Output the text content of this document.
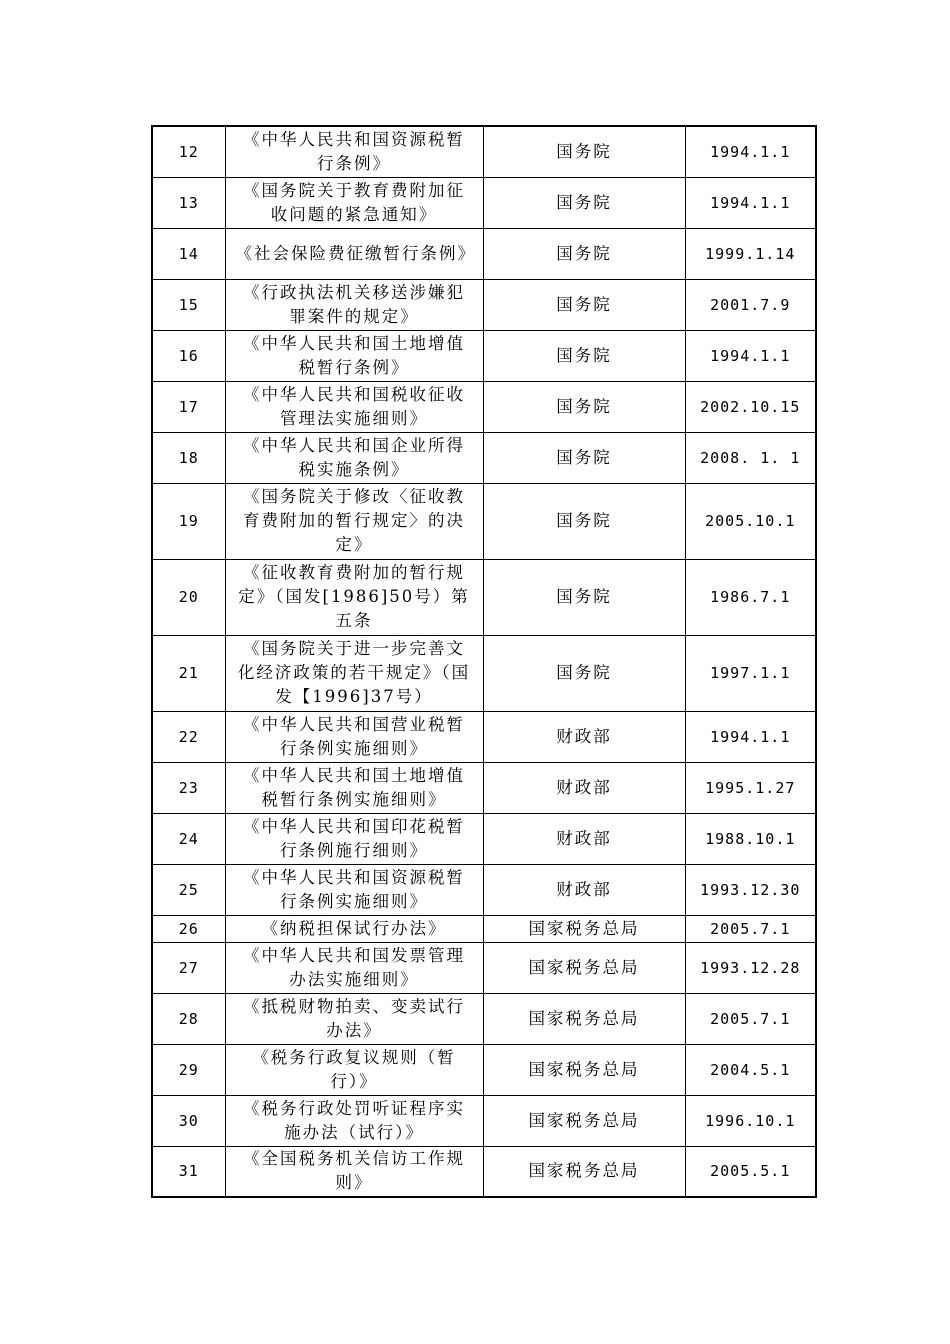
12	《中华人民共和国资源税暂行条例》	国务院	1994.1.1
13	《国务院关于教育费附加征收问题的紧急通知》	国务院	1994.1.1
14	《社会保险费征缴暂行条例》	国务院	1999.1.14
15	《行政执法机关移送涉嫌犯罪案件的规定》	国务院	2001.7.9
16	《中华人民共和国土地增值税暂行条例》	国务院	1994.1.1
17	《中华人民共和国税收征收管理法实施细则》	国务院	2002.10.15
18	《中华人民共和国企业所得税实施条例》	国务院	2008. 1. 1
19	《国务院关于修改〈征收教育费附加的暂行规定〉的决定》	国务院	2005.10.1
20	《征收教育费附加的暂行规定》（国发[1986]50号）第五条	国务院	1986.7.1
21	《国务院关于进一步完善文化经济政策的若干规定》（国发【1996]37号）	国务院	1997.1.1
22	《中华人民共和国营业税暂行条例实施细则》	财政部	1994.1.1
23	《中华人民共和国土地增值税暂行条例实施细则》	财政部	1995.1.27
24	《中华人民共和国印花税暂行条例施行细则》	财政部	1988.10.1
25	《中华人民共和国资源税暂行条例实施细则》	财政部	1993.12.30
26	《纳税担保试行办法》	国家税务总局	2005.7.1
27	《中华人民共和国发票管理办法实施细则》	国家税务总局	1993.12.28
28	《抵税财物拍卖、变卖试行办法》	国家税务总局	2005.7.1
29	《税务行政复议规则（暂行）》	国家税务总局	2004.5.1
30	《税务行政处罚听证程序实施办法（试行）》	国家税务总局	1996.10.1
31	《全国税务机关信访工作规则》	国家税务总局	2005.5.1
